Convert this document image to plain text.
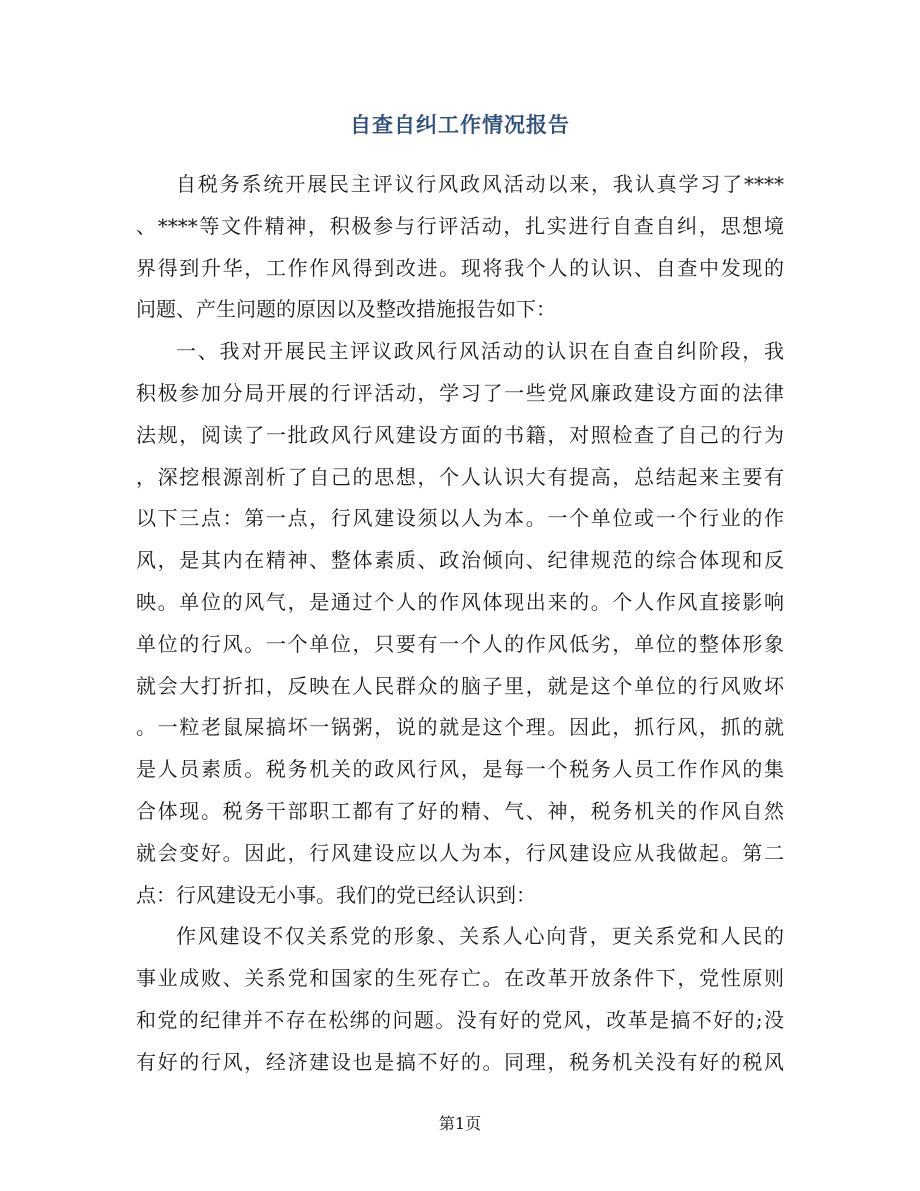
自查自纠工作情况报告
自税务系统开展民主评议行风政风活动以来，我认真学习了****
、****等文件精神，积极参与行评活动，扎实进行自查自纠，思想境
界得到升华，工作作风得到改进。现将我个人的认识、自查中发现的
问题、产生问题的原因以及整改措施报告如下：
一、我对开展民主评议政风行风活动的认识在自查自纠阶段，我
积极参加分局开展的行评活动，学习了一些党风廉政建设方面的法律
法规，阅读了一批政风行风建设方面的书籍，对照检查了自己的行为
，深挖根源剖析了自己的思想，个人认识大有提高，总结起来主要有
以下三点：第一点，行风建设须以人为本。一个单位或一个行业的作
风，是其内在精神、整体素质、政治倾向、纪律规范的综合体现和反
映。单位的风气，是通过个人的作风体现出来的。个人作风直接影响
单位的行风。一个单位，只要有一个人的作风低劣，单位的整体形象
就会大打折扣，反映在人民群众的脑子里，就是这个单位的行风败坏
。一粒老鼠屎搞坏一锅粥，说的就是这个理。因此，抓行风，抓的就
是人员素质。税务机关的政风行风，是每一个税务人员工作作风的集
合体现。税务干部职工都有了好的精、气、神，税务机关的作风自然
就会变好。因此，行风建设应以人为本，行风建设应从我做起。第二
点：行风建设无小事。我们的党已经认识到：
作风建设不仅关系党的形象、关系人心向背，更关系党和人民的
事业成败、关系党和国家的生死存亡。在改革开放条件下，党性原则
和党的纪律并不存在松绑的问题。没有好的党风，改革是搞不好的;没
有好的行风，经济建设也是搞不好的。同理，税务机关没有好的税风
第1页
